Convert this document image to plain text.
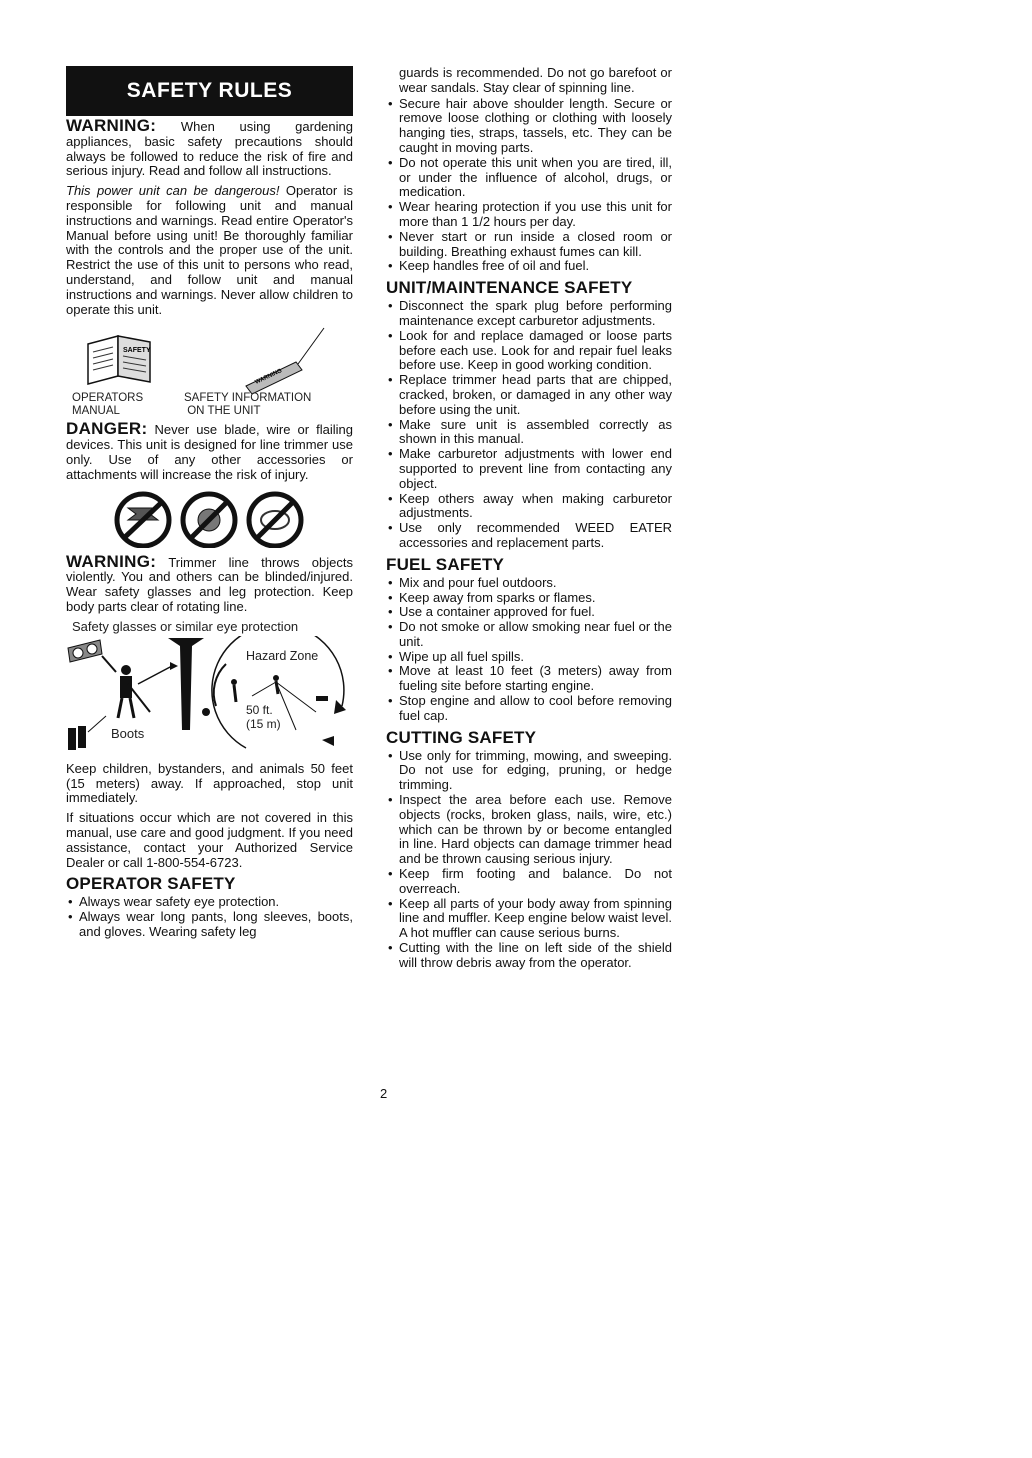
SAFETY RULES

WARNING: When using gardening appliances, basic safety precautions should always be followed to reduce the risk of fire and serious injury. Read and follow all instructions.

This power unit can be dangerous! Operator is responsible for following unit and manual instructions and warnings. Read entire Operator's Manual before using unit! Be thoroughly familiar with the controls and the proper use of the unit. Restrict the use of this unit to persons who read, understand, and follow unit and manual instructions and warnings. Never allow children to operate this unit.

SAFETY
WARNING
OPERATORS
MANUAL
SAFETY INFORMATION
ON THE UNIT

DANGER: Never use blade, wire or flailing devices. This unit is designed for line trimmer use only. Use of any other accessories or attachments will increase the risk of injury.

WARNING: Trimmer line throws objects violently. You and others can be blinded/injured. Wear safety glasses and leg protection. Keep body parts clear of rotating line.

Safety glasses or similar eye protection
Hazard Zone
Boots
50 ft.
(15 m)

Keep children, bystanders, and animals 50 feet (15 meters) away. If approached, stop unit immediately.

If situations occur which are not covered in this manual, use care and good judgment. If you need assistance, contact your Authorized Service Dealer or call 1-800-554-6723.

OPERATOR SAFETY
• Always wear safety eye protection.
• Always wear long pants, long sleeves, boots, and gloves. Wearing safety leg

guards is recommended. Do not go barefoot or wear sandals. Stay clear of spinning line.

• Secure hair above shoulder length. Secure or remove loose clothing or clothing with loosely hanging ties, straps, tassels, etc. They can be caught in moving parts.
• Do not operate this unit when you are tired, ill, or under the influence of alcohol, drugs, or medication.
• Wear hearing protection if you use this unit for more than 1 1/2 hours per day.
• Never start or run inside a closed room or building. Breathing exhaust fumes can kill.
• Keep handles free of oil and fuel.
UNIT/MAINTENANCE SAFETY
• Disconnect the spark plug before performing maintenance except carburetor adjustments.
• Look for and replace damaged or loose parts before each use. Look for and repair fuel leaks before use. Keep in good working condition.
• Replace trimmer head parts that are chipped, cracked, broken, or damaged in any other way before using the unit.
• Make sure unit is assembled correctly as shown in this manual.
• Make carburetor adjustments with lower end supported to prevent line from contacting any object.
• Keep others away when making carburetor adjustments.
• Use only recommended WEED EATER accessories and replacement parts.
FUEL SAFETY
• Mix and pour fuel outdoors.
• Keep away from sparks or flames.
• Use a container approved for fuel.
• Do not smoke or allow smoking near fuel or the unit.
• Wipe up all fuel spills.
• Move at least 10 feet (3 meters) away from fueling site before starting engine.
• Stop engine and allow to cool before removing fuel cap.
CUTTING SAFETY
• Use only for trimming, mowing, and sweeping. Do not use for edging, pruning, or hedge trimming.
• Inspect the area before each use. Remove objects (rocks, broken glass, nails, wire, etc.) which can be thrown by or become entangled in line. Hard objects can damage trimmer head and be thrown causing serious injury.
• Keep firm footing and balance. Do not overreach.
• Keep all parts of your body away from spinning line and muffler. Keep engine below waist level. A hot muffler can cause serious burns.
• Cutting with the line on left side of the shield will throw debris away from the operator.
2
